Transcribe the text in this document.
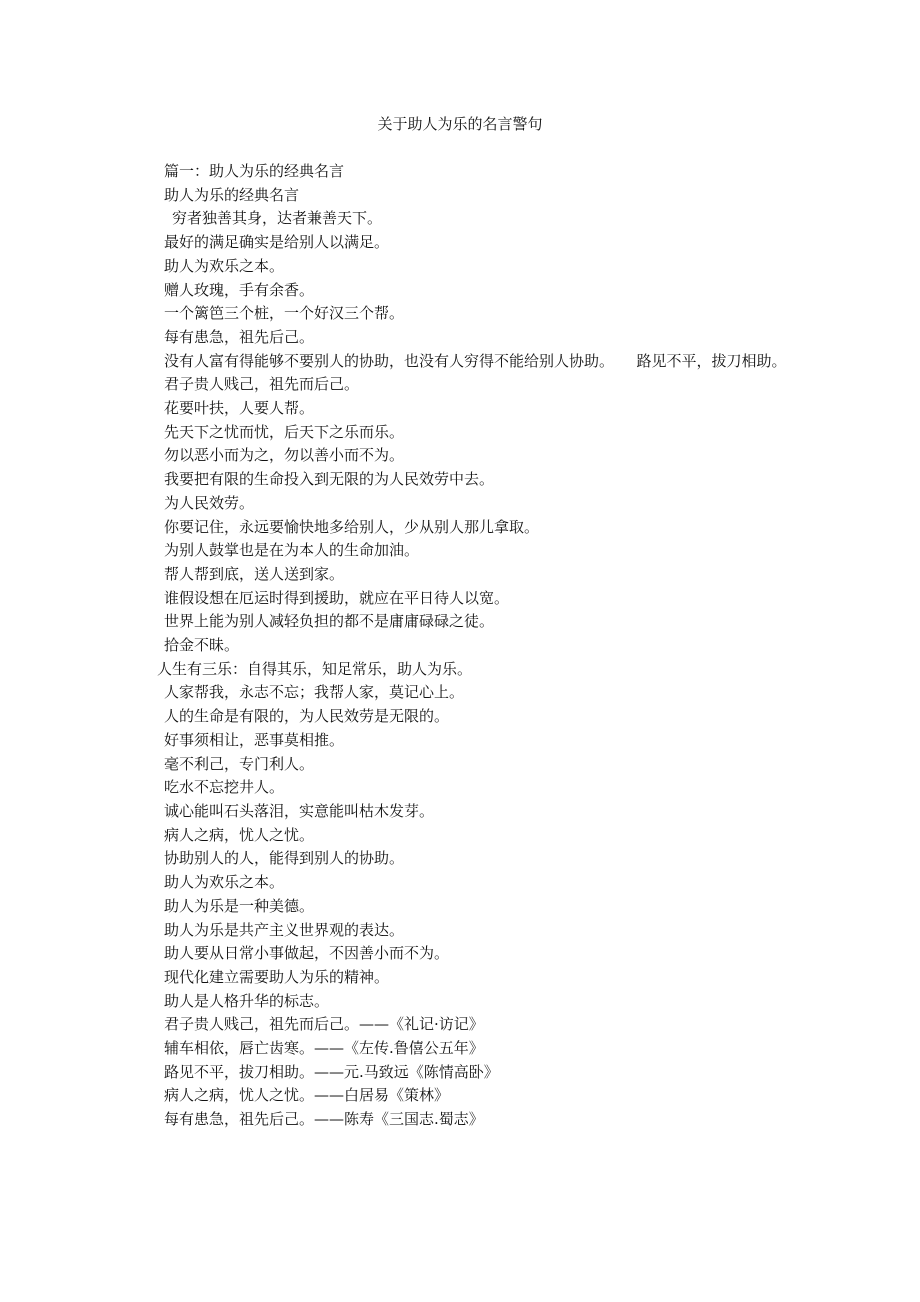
关于助人为乐的名言警句
篇一：助人为乐的经典名言
助人为乐的经典名言
穷者独善其身，达者兼善天下。
最好的满足确实是给别人以满足。
助人为欢乐之本。
赠人玫瑰，手有余香。
一个篱笆三个桩，一个好汉三个帮。
每有患急，祖先后己。
没有人富有得能够不要别人的协助，也没有人穷得不能给别人协助。　　路见不平，拔刀相助。
君子贵人贱己，祖先而后己。
花要叶扶，人要人帮。
先天下之忧而忧，后天下之乐而乐。
勿以恶小而为之，勿以善小而不为。
我要把有限的生命投入到无限的为人民效劳中去。
为人民效劳。
你要记住，永远要愉快地多给别人，少从别人那儿拿取。
为别人鼓掌也是在为本人的生命加油。
帮人帮到底，送人送到家。
谁假设想在厄运时得到援助，就应在平日待人以宽。
世界上能为别人减轻负担的都不是庸庸碌碌之徒。
拾金不昧。
人生有三乐：自得其乐，知足常乐，助人为乐。
人家帮我，永志不忘；我帮人家，莫记心上。
人的生命是有限的，为人民效劳是无限的。
好事须相让，恶事莫相推。
毫不利己，专门利人。
吃水不忘挖井人。
诚心能叫石头落泪，实意能叫枯木发芽。
病人之病，忧人之忧。
协助别人的人，能得到别人的协助。
助人为欢乐之本。
助人为乐是一种美德。
助人为乐是共产主义世界观的表达。
助人要从日常小事做起，不因善小而不为。
现代化建立需要助人为乐的精神。
助人是人格升华的标志。
君子贵人贱己，祖先而后己。——《礼记·访记》
辅车相依，唇亡齿寒。——《左传.鲁僖公五年》
路见不平，拔刀相助。——元.马致远《陈情高卧》
病人之病，忧人之忧。——白居易《策林》
每有患急，祖先后己。——陈寿《三国志.蜀志》
